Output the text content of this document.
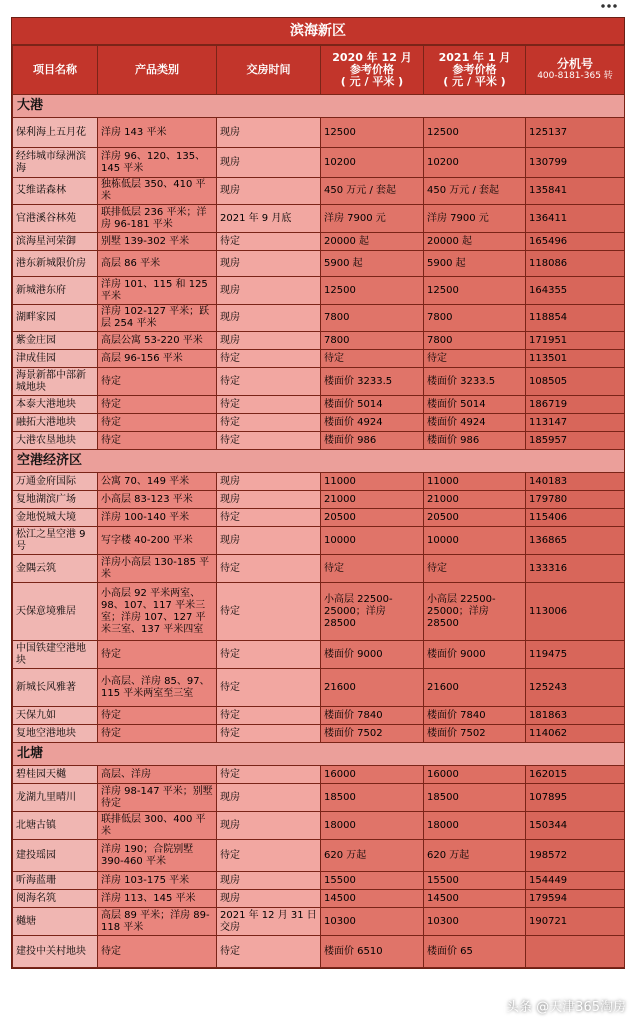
滨海新区
项目名称	产品类别	交房时间	2020 年 12 月
参考价格
( 元 / 平米 )	2021 年 1 月
参考价格
( 元 / 平米 )	分机号
400-8181-365 转

大港					
保利海上五月花	洋房 143 平米	现房	12500	12500	125137
经纬城市绿洲滨海	洋房 96、120、135、145 平米	现房	10200	10200	130799
艾维诺森林	独栋低层 350、410 平米	现房	450 万元 / 套起	450 万元 / 套起	135841
官港溪谷林苑	联排低层 236 平米；洋房 96-181 平米	2021 年 9 月底	洋房 7900 元	洋房 7900 元	136411
滨海星河荣御	别墅 139-302 平米	待定	20000 起	20000 起	165496
港东新城限价房	高层 86 平米	现房	5900 起	5900 起	118086
新城港东府	洋房 101、115 和 125 平米	现房	12500	12500	164355
湖畔家园	洋房 102-127 平米；跃层 254 平米	现房	7800	7800	118854
紫金庄园	高层公寓 53-220 平米	现房	7800	7800	171951
津成佳园	高层 96-156 平米	待定	待定	待定	113501
海景新都中部新城地块	待定	待定	楼面价 3233.5	楼面价 3233.5	108505
本泰大港地块	待定	待定	楼面价 5014	楼面价 5014	186719
融拓大港地块	待定	待定	楼面价 4924	楼面价 4924	113147
大港农垦地块	待定	待定	楼面价 986	楼面价 986	185957
空港经济区					
万通金府国际	公寓 70、149 平米	现房	11000	11000	140183
复地湖滨广场	小高层 83-123 平米	现房	21000	21000	179780
金地悦城大境	洋房 100-140 平米	待定	20500	20500	115406
松江之星空港 9 号	写字楼 40-200 平米	现房	10000	10000	136865
金隅云筑	洋房小高层 130-185 平米	待定	待定	待定	133316
天保意境雅居	小高层 92 平米两室、98、107、117 平米三室；洋房 107、127 平米三室、137 平米四室	待定	小高层 22500-25000；洋房 28500	小高层 22500-25000；洋房 28500	113006
中国铁建空港地块	待定	待定	楼面价 9000	楼面价 9000	119475
新城长风雅著	小高层、洋房 85、97、115 平米两室至三室	待定	21600	21600	125243
天保九如	待定	待定	楼面价 7840	楼面价 7840	181863
复地空港地块	待定	待定	楼面价 7502	楼面价 7502	114062
北塘					
碧桂园天樾	高层、洋房	待定	16000	16000	162015
龙湖九里晴川	洋房 98-147 平米；别墅待定	现房	18500	18500	107895
北塘古镇	联排低层 300、400 平米	现房	18000	18000	150344
建投瑶园	洋房 190；合院别墅 390-460 平米	待定	620 万起	620 万起	198572
听海蓝珊	洋房 103-175 平米	现房	15500	15500	154449
阅海名筑	洋房 113、145 平米	现房	14500	14500	179594
樾塘	高层 89 平米；洋房 89-118 平米	2021 年 12 月 31 日交房	10300	10300	190721
建投中关村地块	待定	待定	楼面价 6510	楼面价 65	
头条 @天津365淘房
